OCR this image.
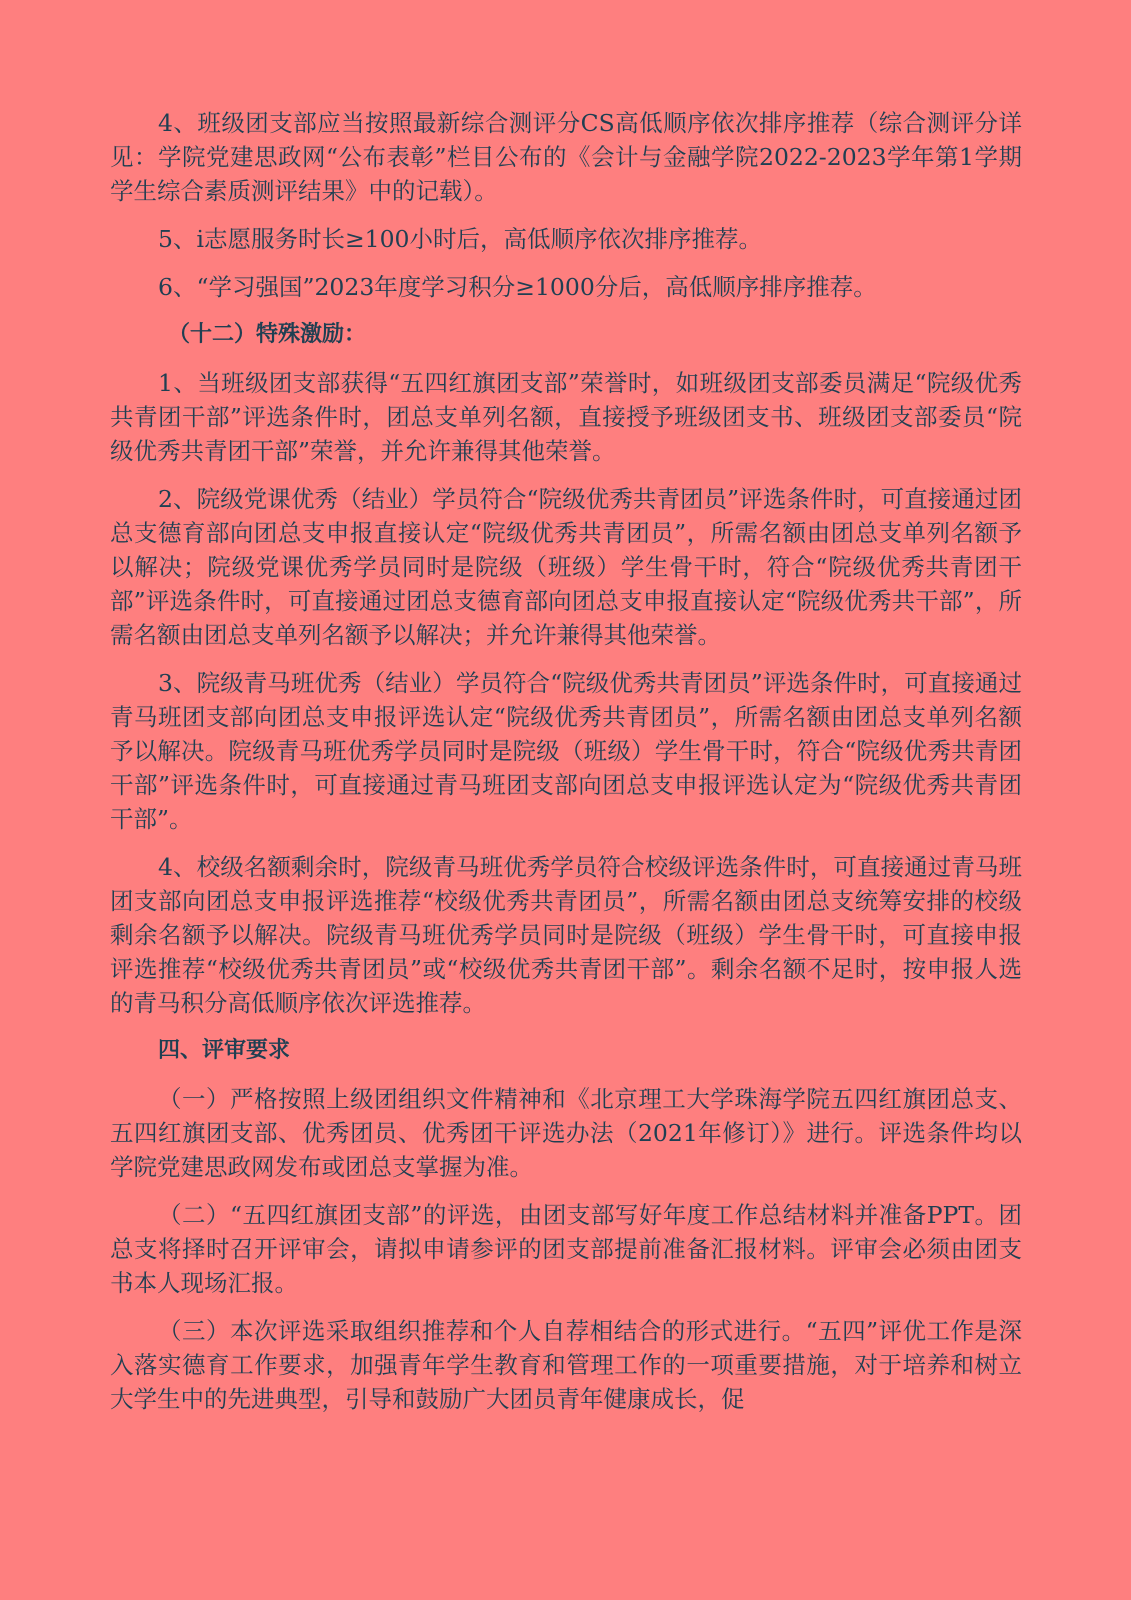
4、班级团支部应当按照最新综合测评分CS高低顺序依次排序推荐（综合测评分详见：学院党建思政网“公布表彰”栏目公布的《会计与金融学院2022-2023学年第1学期学生综合素质测评结果》中的记载）。

5、i志愿服务时长≥100小时后，高低顺序依次排序推荐。

6、“学习强国”2023年度学习积分≥1000分后，高低顺序排序推荐。

（十二）特殊激励：

1、当班级团支部获得“五四红旗团支部”荣誉时，如班级团支部委员满足“院级优秀共青团干部”评选条件时，团总支单列名额，直接授予班级团支书、班级团支部委员“院级优秀共青团干部”荣誉，并允许兼得其他荣誉。

2、院级党课优秀（结业）学员符合“院级优秀共青团员”评选条件时，可直接通过团总支德育部向团总支申报直接认定“院级优秀共青团员”，所需名额由团总支单列名额予以解决；院级党课优秀学员同时是院级（班级）学生骨干时，符合“院级优秀共青团干部”评选条件时，可直接通过团总支德育部向团总支申报直接认定“院级优秀共干部”，所需名额由团总支单列名额予以解决；并允许兼得其他荣誉。

3、院级青马班优秀（结业）学员符合“院级优秀共青团员”评选条件时，可直接通过青马班团支部向团总支申报评选认定“院级优秀共青团员”，所需名额由团总支单列名额予以解决。院级青马班优秀学员同时是院级（班级）学生骨干时，符合“院级优秀共青团干部”评选条件时，可直接通过青马班团支部向团总支申报评选认定为“院级优秀共青团干部”。

4、校级名额剩余时，院级青马班优秀学员符合校级评选条件时，可直接通过青马班团支部向团总支申报评选推荐“校级优秀共青团员”，所需名额由团总支统筹安排的校级剩余名额予以解决。院级青马班优秀学员同时是院级（班级）学生骨干时，可直接申报评选推荐“校级优秀共青团员”或“校级优秀共青团干部”。剩余名额不足时，按申报人选的青马积分高低顺序依次评选推荐。

四、评审要求

（一）严格按照上级团组织文件精神和《北京理工大学珠海学院五四红旗团总支、五四红旗团支部、优秀团员、优秀团干评选办法（2021年修订）》进行。评选条件均以学院党建思政网发布或团总支掌握为准。

（二）“五四红旗团支部”的评选，由团支部写好年度工作总结材料并准备PPT。团总支将择时召开评审会，请拟申请参评的团支部提前准备汇报材料。评审会必须由团支书本人现场汇报。

（三）本次评选采取组织推荐和个人自荐相结合的形式进行。“五四”评优工作是深入落实德育工作要求，加强青年学生教育和管理工作的一项重要措施，对于培养和树立大学生中的先进典型，引导和鼓励广大团员青年健康成长，促
